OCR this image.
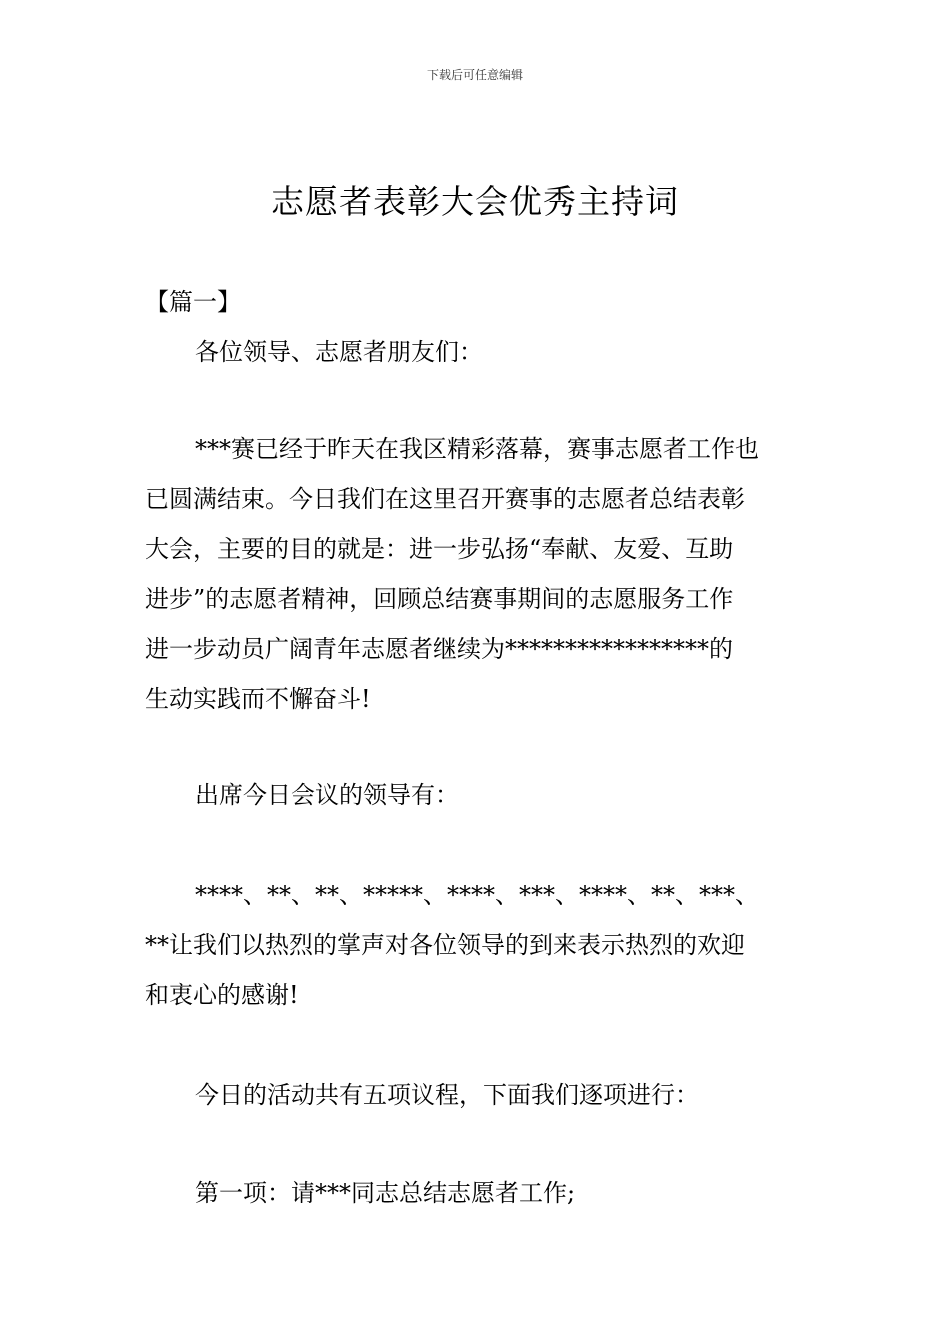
下载后可任意编辑
志愿者表彰大会优秀主持词
【篇一】
各位领导、志愿者朋友们：
***赛已经于昨天在我区精彩落幕，赛事志愿者工作也
已圆满结束。今日我们在这里召开赛事的志愿者总结表彰
大会，主要的目的就是：进一步弘扬“奉献、友爱、互助
进步”的志愿者精神，回顾总结赛事期间的志愿服务工作
进一步动员广阔青年志愿者继续为*****************的
生动实践而不懈奋斗!
出席今日会议的领导有：
****、**、**、*****、****、***、****、**、***、
**让我们以热烈的掌声对各位领导的到来表示热烈的欢迎
和衷心的感谢!
今日的活动共有五项议程，下面我们逐项进行：
第一项：请***同志总结志愿者工作;
